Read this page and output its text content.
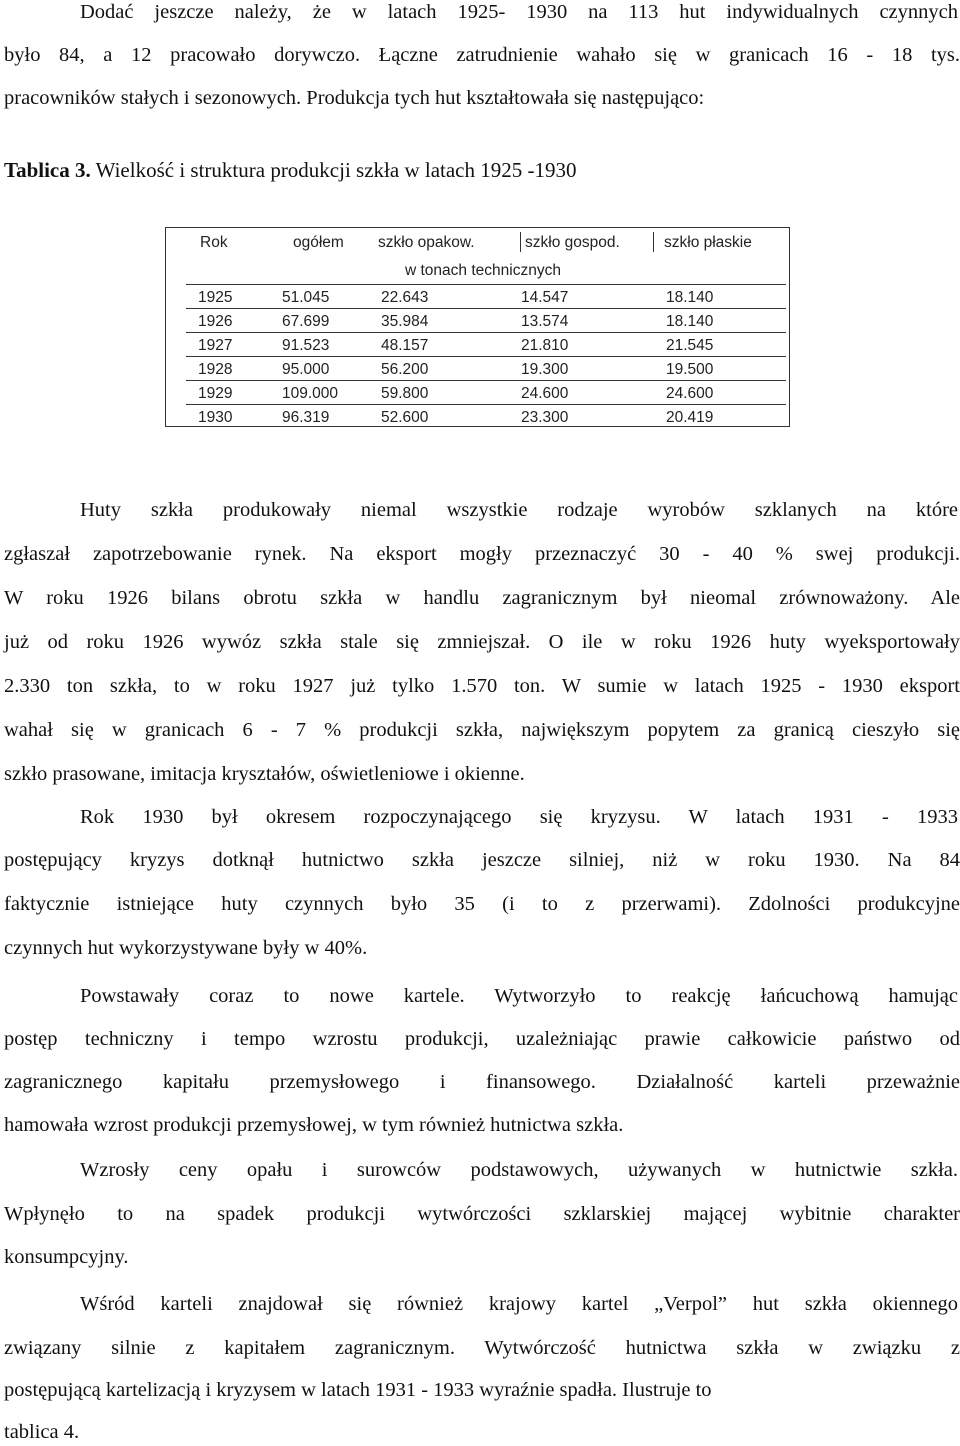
Dodać jeszcze należy, że w latach 1925- 1930 na 113 hut indywidualnych czynnych
było 84, a 12 pracowało dorywczo. Łączne zatrudnienie wahało się w granicach 16 - 18 tys.
pracowników stałych i sezonowych. Produkcja tych hut kształtowała się następująco:
Tablica 3. Wielkość i struktura produkcji szkła w latach 1925 -1930
Rok	ogółem szkło opakow.	szkło gospod.	szkło płaskie
w tonach technicznych
1925	51.045	22.643	14.547	18.140
1926	67.699	35.984	13.574	18.140
1927	91.523	48.157	21.810	21.545
1928	95.000	56.200	19.300	19.500
1929	109.000	59.800	24.600	24.600
1930	96.319	52.600	23.300	20.419
Huty szkła produkowały niemal wszystkie rodzaje wyrobów szklanych na które
zgłaszał zapotrzebowanie rynek. Na eksport mogły przeznaczyć 30 - 40 % swej produkcji.
W roku 1926 bilans obrotu szkła w handlu zagranicznym był nieomal zrównoważony. Ale
już od roku 1926 wywóz szkła stale się zmniejszał. O ile w roku 1926 huty wyeksportowały
2.330 ton szkła, to w roku 1927 już tylko 1.570 ton. W sumie w latach 1925 - 1930 eksport
wahał się w granicach 6 - 7 % produkcji szkła, największym popytem za granicą cieszyło się
szkło prasowane, imitacja kryształów, oświetleniowe i okienne.
Rok 1930 był okresem rozpoczynającego się kryzysu. W latach 1931 - 1933
postępujący kryzys dotknął hutnictwo szkła jeszcze silniej, niż w roku 1930. Na 84
faktycznie istniejące huty czynnych było 35 (i to z przerwami). Zdolności produkcyjne
czynnych hut wykorzystywane były w 40%.
Powstawały coraz to nowe kartele. Wytworzyło to reakcję łańcuchową hamując
postęp techniczny i tempo wzrostu produkcji, uzależniając prawie całkowicie państwo od
zagranicznego kapitału przemysłowego i finansowego. Działalność karteli przeważnie
hamowała wzrost produkcji przemysłowej, w tym również hutnictwa szkła.
Wzrosły ceny opału i surowców podstawowych, używanych w hutnictwie szkła.
Wpłynęło to na spadek produkcji wytwórczości szklarskiej mającej wybitnie charakter
konsumpcyjny.
Wśród karteli znajdował się również krajowy kartel „Verpol” hut szkła okiennego
związany silnie z kapitałem zagranicznym. Wytwórczość hutnictwa szkła w związku z
postępującą kartelizacją i kryzysem w latach 1931 - 1933 wyraźnie spadła. Ilustruje to
tablica 4.
